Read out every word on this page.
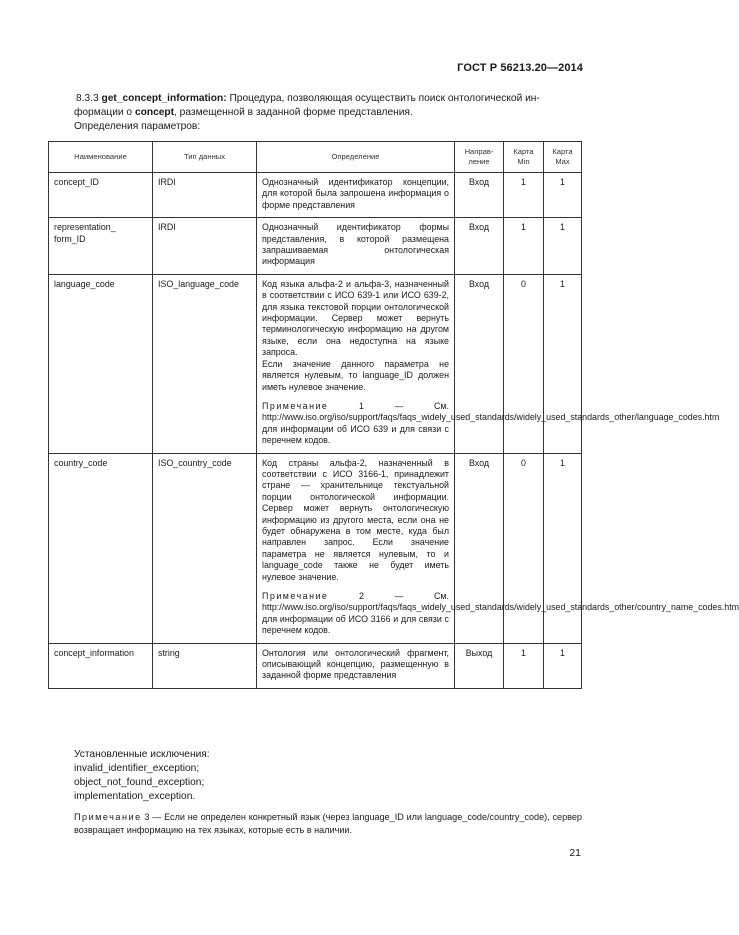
ГОСТ Р 56213.20—2014

8.3.3 get_concept_information: Процедура, позволяющая осуществить поиск онтологической ин-
формации о concept, размещенной в заданной форме представления.

Определения параметров:

Наименование	Тип данных	Определение	Направ-ление	Карта Min	Карта Max
concept_ID	IRDI	Однозначный идентификатор концепции, для которой была запрошена информация о форме представления	Вход	1	1
representation_ form_ID	IRDI	Однозначный идентификатор формы представления, в которой размещена запрашиваемая онтологическая информация	Вход	1	1
language_code	ISO_language_code	Код языка альфа-2 и альфа-3, назначенный в соответствии с ИСО 639-1 или ИСО 639-2, для языка текстовой порции онтологической информации. Сервер может вернуть терминологическую информацию на другом языке, если она недоступна на языке запроса.

Если значение данного параметра не является нулевым, то language_ID должен иметь нулевое значение.

Примечание 1 — См. http://www.iso.org/iso/support/faqs/faqs_widely_used_standards/widely_used_standards_other/language_codes.htm для информации об ИСО 639 и для связи с перечнем кодов.	Вход	0	1
country_code	ISO_country_code	Код страны альфа-2, назначенный в соответствии с ИСО 3166-1, принадлежит стране — хранительнице текстуальной порции онтологической информации. Сервер может вернуть онтологическую информацию из другого места, если она не будет обнаружена в том месте, куда был направлен запрос. Если значение параметра не является нулевым, то и language_code также не будет иметь нулевое значение.

Примечание 2 — См. http://www.iso.org/iso/support/faqs/faqs_widely_used_standards/widely_used_standards_other/country_name_codes.htm для информации об ИСО 3166 и для связи с перечнем кодов.	Вход	0	1
concept_information	string	Онтология или онтологический фрагмент, описывающий концепцию, размещенную в заданной форме представления	Выход	1	1

Установленные исключения:

invalid_identifier_exception;

object_not_found_exception;

implementation_exception.

Примечание 3 — Если не определен конкретный язык (через language_ID или language_code/country_code), сервер возвращает информацию на тех языках, которые есть в наличии.
21
